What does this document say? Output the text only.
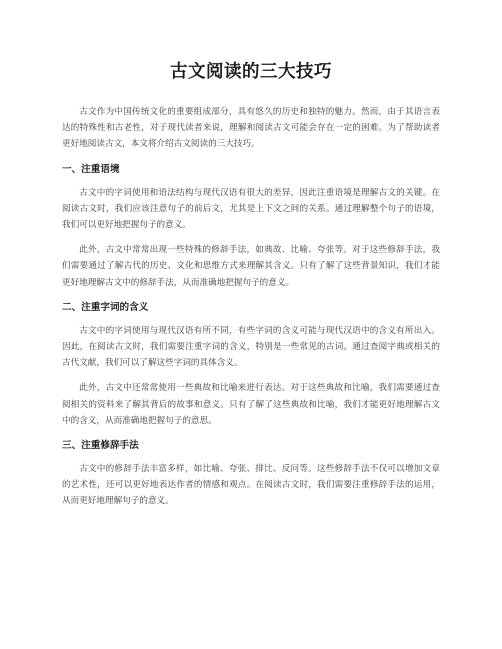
古文阅读的三大技巧

古文作为中国传统文化的重要组成部分，具有悠久的历史和独特的魅力。然而，由于其语言表达的特殊性和古老性，对于现代读者来说，理解和阅读古文可能会存在一定的困难。为了帮助读者更好地阅读古文，本文将介绍古文阅读的三大技巧。

一、注重语境

古文中的字词使用和语法结构与现代汉语有很大的差异，因此注重语境是理解古文的关键。在阅读古文时，我们应该注意句子的前后文，尤其是上下文之间的关系。通过理解整个句子的语境，我们可以更好地把握句子的意义。

此外，古文中常常出现一些特殊的修辞手法，如典故、比喻、夸张等。对于这些修辞手法，我们需要通过了解古代的历史、文化和思维方式来理解其含义。只有了解了这些背景知识，我们才能更好地理解古文中的修辞手法，从而准确地把握句子的意义。

二、注重字词的含义

古文中的字词使用与现代汉语有所不同，有些字词的含义可能与现代汉语中的含义有所出入。因此，在阅读古文时，我们需要注重字词的含义，特别是一些常见的古词。通过查阅字典或相关的古代文献，我们可以了解这些字词的具体含义。

此外，古文中还常常使用一些典故和比喻来进行表达。对于这些典故和比喻，我们需要通过查阅相关的资料来了解其背后的故事和意义。只有了解了这些典故和比喻，我们才能更好地理解古文中的含义，从而准确地把握句子的意思。

三、注重修辞手法

古文中的修辞手法丰富多样，如比喻、夸张、排比、反问等。这些修辞手法不仅可以增加文章的艺术性，还可以更好地表达作者的情感和观点。在阅读古文时，我们需要注重修辞手法的运用，从而更好地理解句子的意义。
